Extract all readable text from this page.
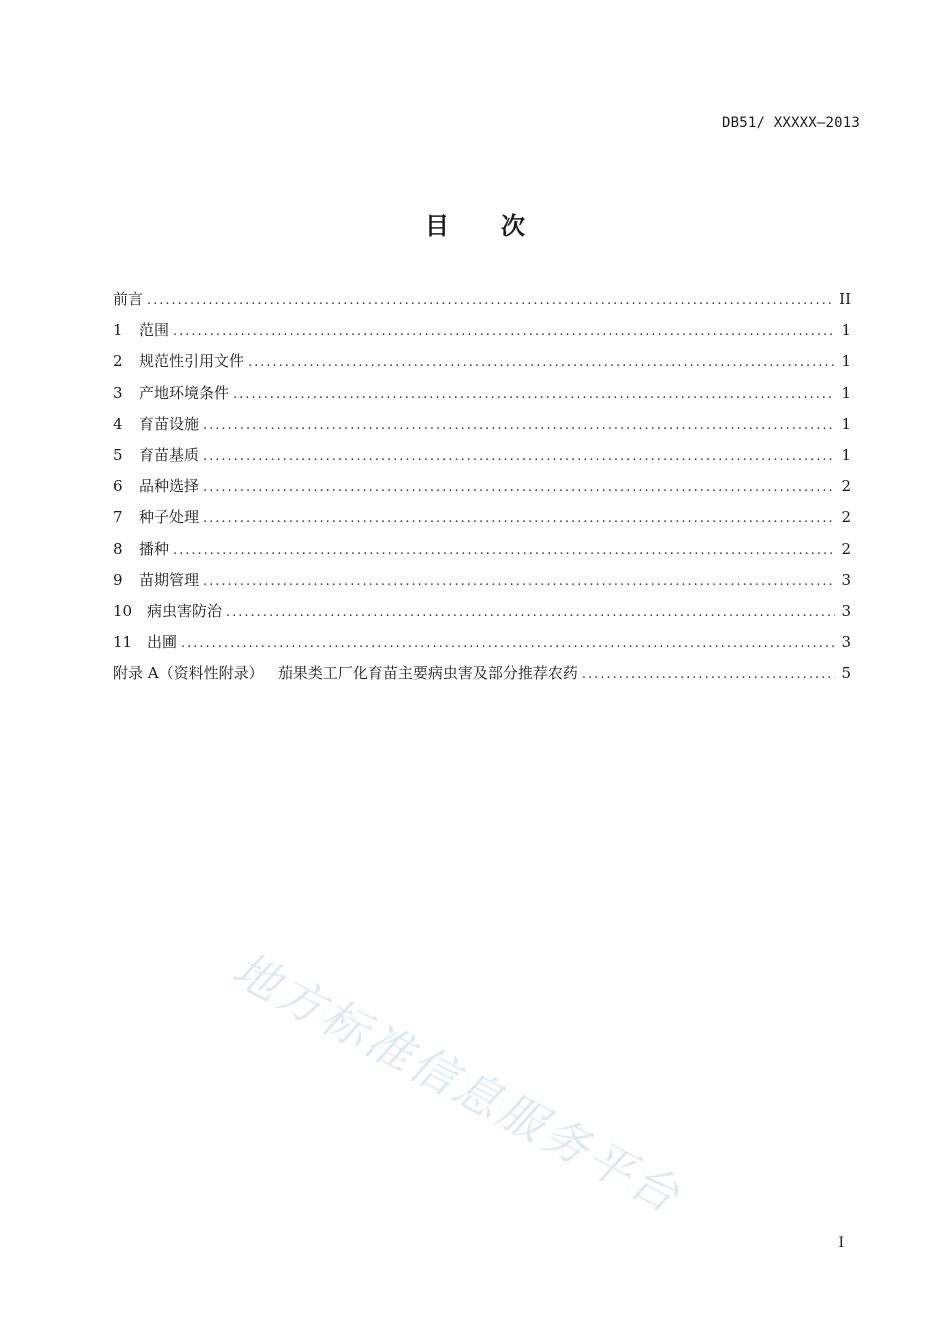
DB51/ XXXXX—2013
目 次
前言 .....	II
1	范围 .....	1
2	规范性引用文件 .....	1
3	产地环境条件 .....	1
4	育苗设施 .....	1
5	育苗基质 .....	1
6	品种选择 .....	2
7	种子处理 .....	2
8	播种 .....	2
9	苗期管理 .....	3
10 病虫害防治 .....	3
11 出圃 .....	3
附录 A（资料性附录）   茄果类工厂化育苗主要病虫害及部分推荐农药 .....	5
地方标准信息服务平台
I
